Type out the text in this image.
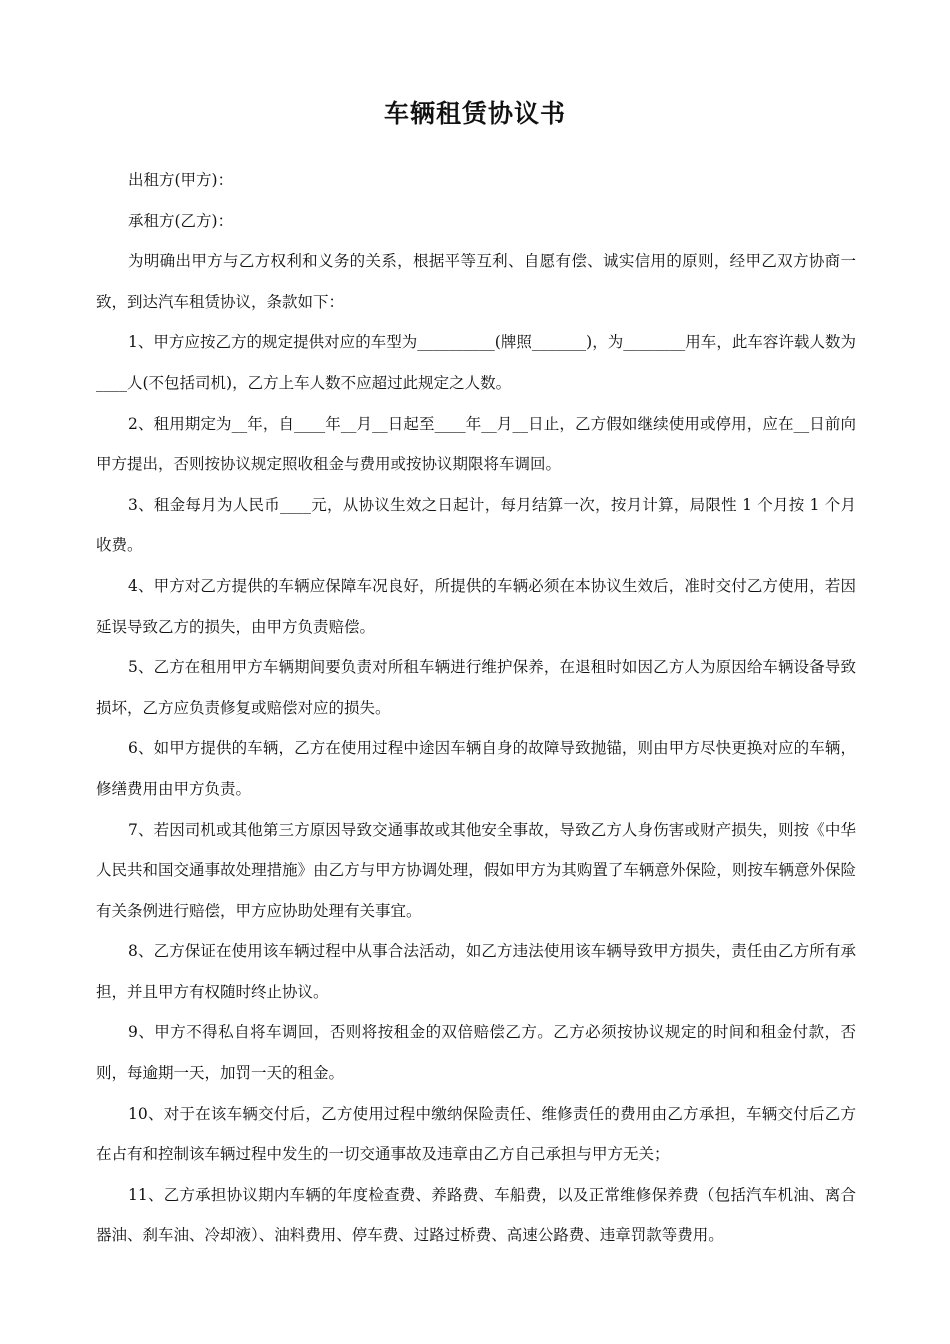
车辆租赁协议书

出租方(甲方)：

承租方(乙方)：

为明确出甲方与乙方权利和义务的关系，根据平等互利、自愿有偿、诚实信用的原则，经甲乙双方协商一致，到达汽车租赁协议，条款如下：

1、甲方应按乙方的规定提供对应的车型为__________(牌照_______)，为________用车，此车容许载人数为____人(不包括司机)，乙方上车人数不应超过此规定之人数。

2、租用期定为__年，自____年__月__日起至____年__月__日止，乙方假如继续使用或停用，应在__日前向甲方提出，否则按协议规定照收租金与费用或按协议期限将车调回。

3、租金每月为人民币____元，从协议生效之日起计，每月结算一次，按月计算，局限性 1 个月按 1 个月收费。

4、甲方对乙方提供的车辆应保障车况良好，所提供的车辆必须在本协议生效后，准时交付乙方使用，若因延误导致乙方的损失，由甲方负责赔偿。

5、乙方在租用甲方车辆期间要负责对所租车辆进行维护保养，在退租时如因乙方人为原因给车辆设备导致损坏，乙方应负责修复或赔偿对应的损失。

6、如甲方提供的车辆，乙方在使用过程中途因车辆自身的故障导致抛锚，则由甲方尽快更换对应的车辆，修缮费用由甲方负责。

7、若因司机或其他第三方原因导致交通事故或其他安全事故，导致乙方人身伤害或财产损失，则按《中华人民共和国交通事故处理措施》由乙方与甲方协调处理，假如甲方为其购置了车辆意外保险，则按车辆意外保险有关条例进行赔偿，甲方应协助处理有关事宜。

8、乙方保证在使用该车辆过程中从事合法活动，如乙方违法使用该车辆导致甲方损失，责任由乙方所有承担，并且甲方有权随时终止协议。

9、甲方不得私自将车调回，否则将按租金的双倍赔偿乙方。乙方必须按协议规定的时间和租金付款，否则，每逾期一天，加罚一天的租金。

10、对于在该车辆交付后，乙方使用过程中缴纳保险责任、维修责任的费用由乙方承担，车辆交付后乙方在占有和控制该车辆过程中发生的一切交通事故及违章由乙方自己承担与甲方无关；

11、乙方承担协议期内车辆的年度检查费、养路费、车船费，以及正常维修保养费（包括汽车机油、离合器油、刹车油、冷却液）、油料费用、停车费、过路过桥费、高速公路费、违章罚款等费用。
